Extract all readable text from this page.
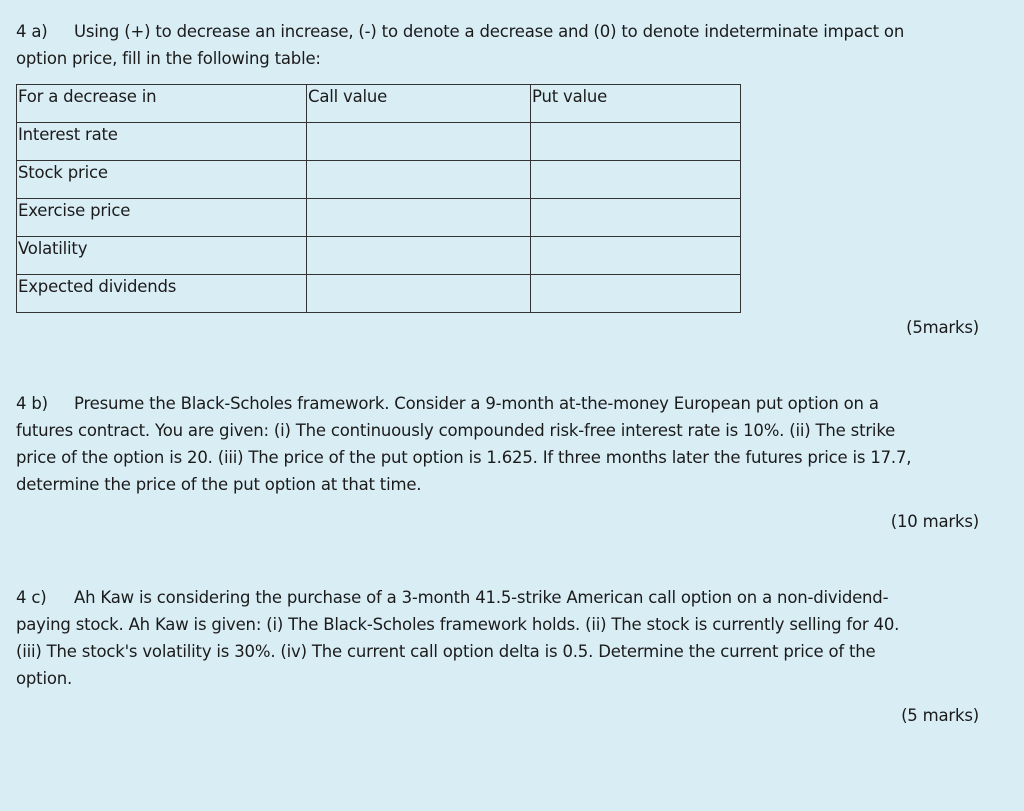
4 a) Using (+) to decrease an increase, (-) to denote a decrease and (0) to denote indeterminate impact on
option price, fill in the following table:
For a decrease in	Call value	Put value

Interest rate		

Stock price		

Exercise price		

Volatility		

Expected dividends		

(5marks)
4 b) Presume the Black-Scholes framework. Consider a 9-month at-the-money European put option on a
futures contract. You are given: (i) The continuously compounded risk-free interest rate is 10%. (ii) The strike
price of the option is 20. (iii) The price of the put option is 1.625. If three months later the futures price is 17.7,
determine the price of the put option at that time.
(10 marks)
4 c) Ah Kaw is considering the purchase of a 3-month 41.5-strike American call option on a non-dividend-
paying stock. Ah Kaw is given: (i) The Black-Scholes framework holds. (ii) The stock is currently selling for 40.
(iii) The stock's volatility is 30%. (iv) The current call option delta is 0.5. Determine the current price of the
option.
(5 marks)
